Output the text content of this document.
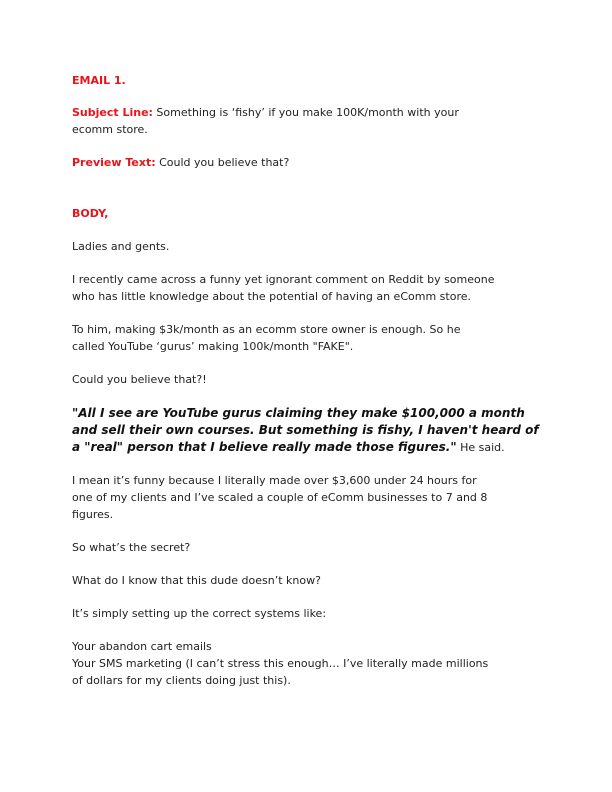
EMAIL 1.
Subject Line: Something is ‘fishy’ if you make 100K/month with your
ecomm store.
Preview Text: Could you believe that?
BODY,
Ladies and gents.
I recently came across a funny yet ignorant comment on Reddit by someone
who has little knowledge about the potential of having an eComm store.
To him, making $3k/month as an ecomm store owner is enough. So he
called YouTube ‘gurus’ making 100k/month "FAKE".
Could you believe that?!
"All I see are YouTube gurus claiming they make $100,000 a month
and sell their own courses. But something is fishy, I haven't heard of
a "real" person that I believe really made those figures." He said.
I mean it’s funny because I literally made over $3,600 under 24 hours for
one of my clients and I’ve scaled a couple of eComm businesses to 7 and 8
figures.
So what’s the secret?
What do I know that this dude doesn’t know?
It’s simply setting up the correct systems like:
Your abandon cart emails
Your SMS marketing (I can’t stress this enough… I’ve literally made millions
of dollars for my clients doing just this).
